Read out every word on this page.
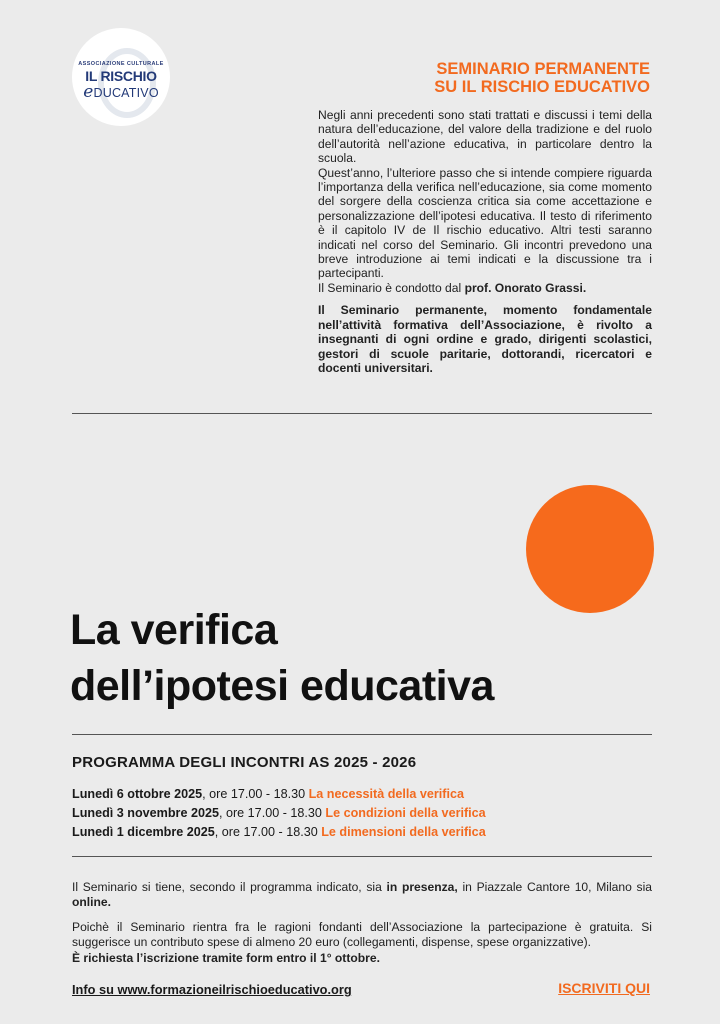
ASSOCIAZIONE CULTURALE
IL RISCHIO
eDUCATIVO
SEMINARIO PERMANENTE
SU IL RISCHIO EDUCATIVO

Negli anni precedenti sono stati trattati e discussi i temi della natura dell’educazione, del valore della tradizione e del ruolo dell’autorità nell’azione educativa, in particolare dentro la scuola.

Quest’anno, l’ulteriore passo che si intende compiere riguarda l’importanza della verifica nell’educazione, sia come momento del sorgere della coscienza critica sia come accettazione e personalizzazione dell’ipotesi educativa. Il testo di riferimento è il capitolo IV de Il rischio educativo. Altri testi saranno indicati nel corso del Seminario. Gli incontri prevedono una breve introduzione ai temi indicati e la discussione tra i partecipanti.

Il Seminario è condotto dal prof. Onorato Grassi.

Il Seminario permanente, momento fondamentale nell’attività formativa dell’Associazione, è rivolto a insegnanti di ogni ordine e grado, dirigenti scolastici, gestori di scuole paritarie, dottorandi, ricercatori e docenti universitari.

La verifica
dell’ipotesi educativa
PROGRAMMA DEGLI INCONTRI AS 2025 - 2026
Lunedì 6 ottobre 2025, ore 17.00 - 18.30 La necessità della verifica
Lunedì 3 novembre 2025, ore 17.00 - 18.30 Le condizioni della verifica
Lunedì 1 dicembre 2025, ore 17.00 - 18.30 Le dimensioni della verifica

Il Seminario si tiene, secondo il programma indicato, sia in presenza, in Piazzale Cantore 10, Milano sia online.

Poichè il Seminario rientra fra le ragioni fondanti dell’Associazione la partecipazione è gratuita. Si suggerisce un contributo spese di almeno 20 euro (collegamenti, dispense, spese organizzative).

È richiesta l’iscrizione tramite form entro il 1° ottobre.

Info su www.formazioneilrischioeducativo.org	ISCRIVITI QUI
